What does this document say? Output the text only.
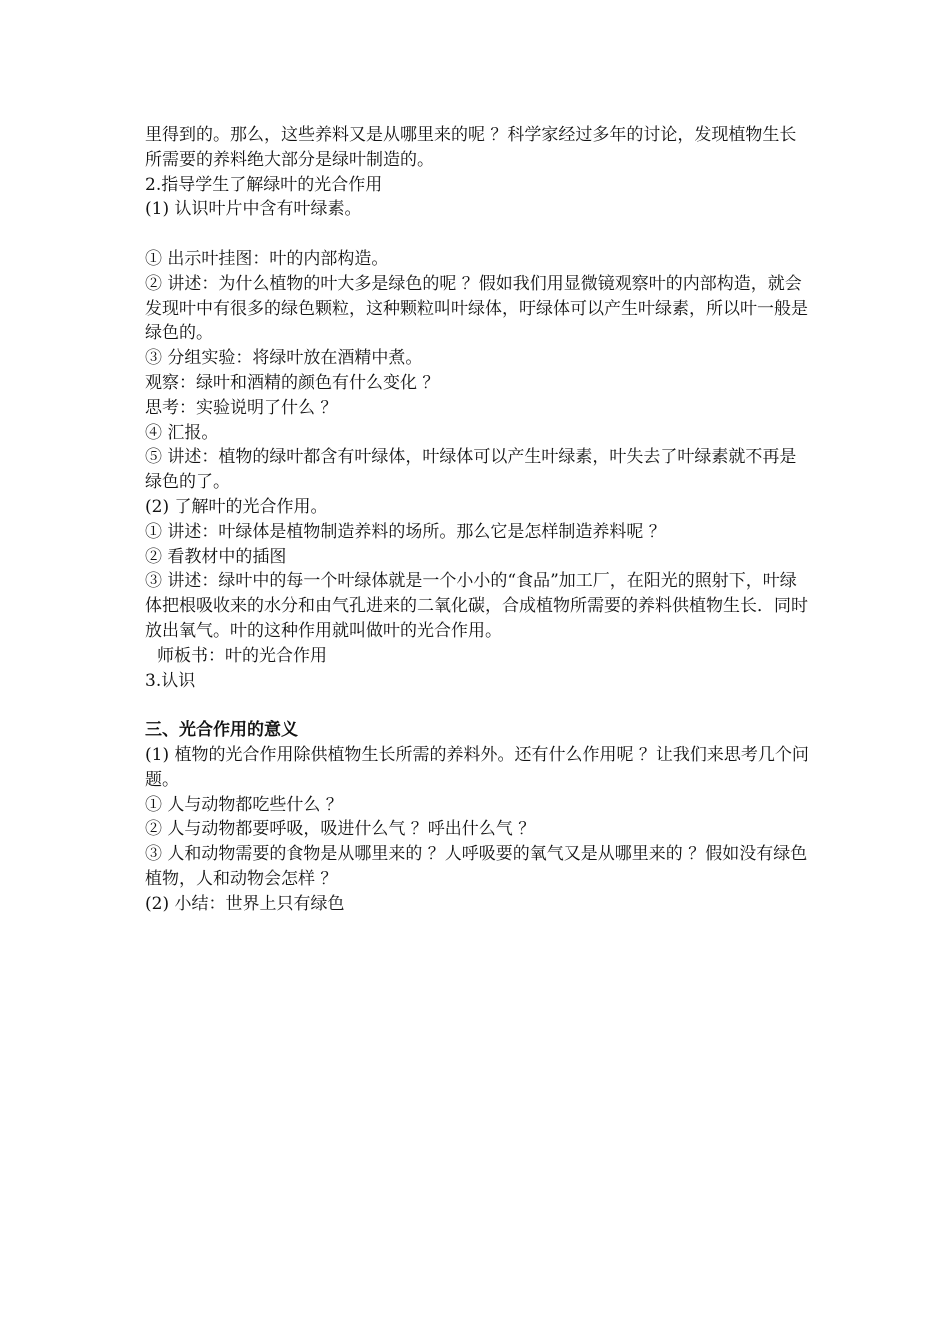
里得到的。那么，这些养料又是从哪里来的呢 ？科学家经过多年的讨论，发现植物生长所需要的养料绝大部分是绿叶制造的。

2.指导学生了解绿叶的光合作用

(1) 认识叶片中含有叶绿素。

① 出示叶挂图：叶的内部构造。

② 讲述：为什么植物的叶大多是绿色的呢 ？假如我们用显微镜观察叶的内部构造，就会发现叶中有很多的绿色颗粒，这种颗粒叫叶绿体，吁绿体可以产生叶绿素，所以叶一般是绿色的。

③ 分组实验：将绿叶放在酒精中煮。

观察：绿叶和酒精的颜色有什么变化 ？

思考：实验说明了什么 ？

④ 汇报。

⑤ 讲述：植物的绿叶都含有叶绿体，叶绿体可以产生叶绿素，叶失去了叶绿素就不再是绿色的了。

(2) 了解叶的光合作用。

① 讲述：叶绿体是植物制造养料的场所。那么它是怎样制造养料呢 ？

② 看教材中的插图

③ 讲述：绿叶中的每一个叶绿体就是一个小小的“食品”加工厂，在阳光的照射下，叶绿体把根吸收来的水分和由气孔进来的二氧化碳，合成植物所需要的养料供植物生长．同时放出氧气。叶的这种作用就叫做叶的光合作用。

师板书：叶的光合作用

3.认识

三、光合作用的意义

(1) 植物的光合作用除供植物生长所需的养料外。还有什么作用呢 ？让我们来思考几个问题。

① 人与动物都吃些什么 ？

② 人与动物都要呼吸，吸进什么气 ？呼出什么气 ？

③ 人和动物需要的食物是从哪里来的 ？人呼吸要的氧气又是从哪里来的 ？假如没有绿色植物，人和动物会怎样 ？

(2) 小结：世界上只有绿色
